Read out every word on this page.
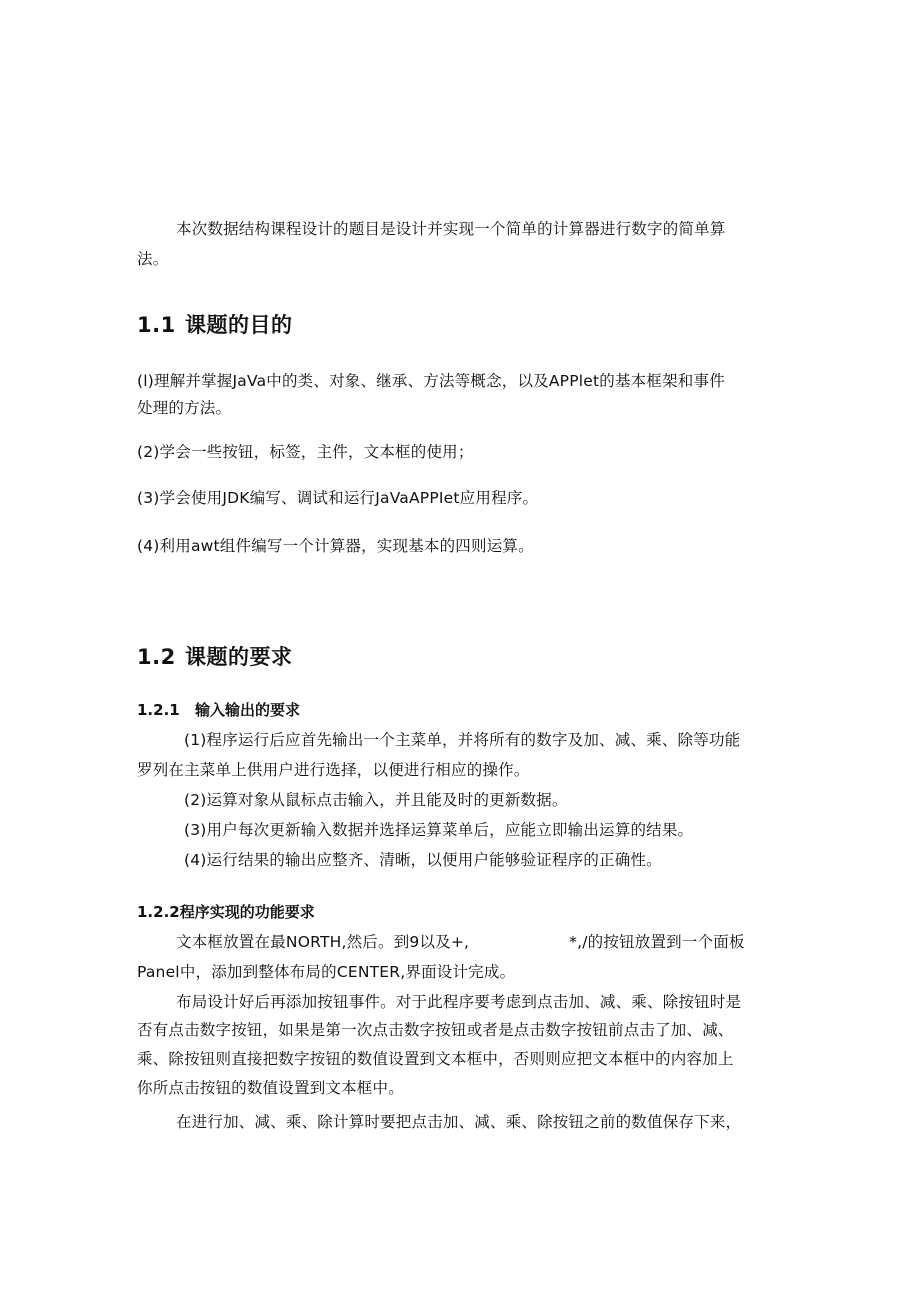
本次数据结构课程设计的题目是设计并实现一个简单的计算器进行数字的简单算

法。

1.1 课题的目的

(l)理解并掌握JaVa中的类、对象、继承、方法等概念，以及APPlet的基本框架和事件

处理的方法。

(2)学会一些按钮，标签，主件，文本框的使用；

(3)学会使用JDK编写、调试和运行JaVaAPPIet应用程序。

(4)利用awt组件编写一个计算器，实现基本的四则运算。

1.2 课题的要求
1.2.1 输入输出的要求

(1)程序运行后应首先输出一个主菜单，并将所有的数字及加、减、乘、除等功能

罗列在主菜单上供用户进行选择，以便进行相应的操作。

(2)运算对象从鼠标点击输入，并且能及时的更新数据。

(3)用户每次更新输入数据并选择运算菜单后，应能立即输出运算的结果。

(4)运行结果的输出应整齐、清晰，以便用户能够验证程序的正确性。

1.2.2程序实现的功能要求

文本框放置在最NORTH,然后。到9以及+,	*,/的按钮放置到一个面板

Panel中，添加到整体布局的CENTER,界面设计完成。

布局设计好后再添加按钮事件。对于此程序要考虑到点击加、减、乘、除按钮时是

否有点击数字按钮，如果是第一次点击数字按钮或者是点击数字按钮前点击了加、减、

乘、除按钮则直接把数字按钮的数值设置到文本框中，否则则应把文本框中的内容加上

你所点击按钮的数值设置到文本框中。

在进行加、减、乘、除计算时要把点击加、减、乘、除按钮之前的数值保存下来，
